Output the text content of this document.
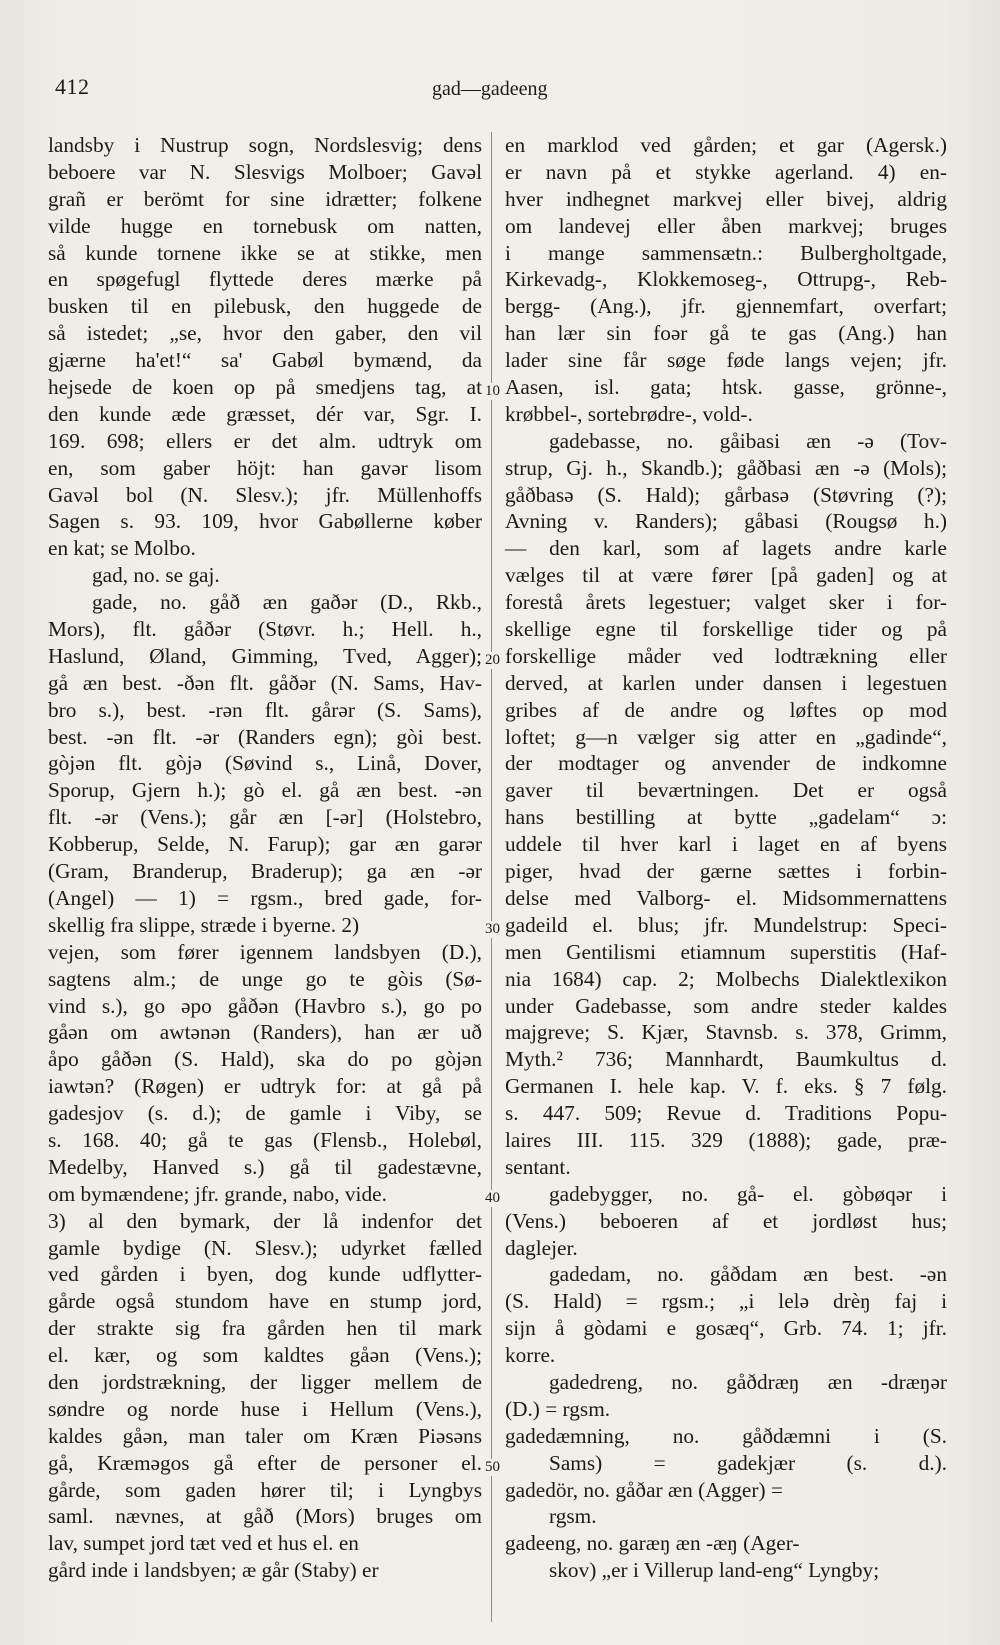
412	gad—gadeeng
landsby i Nustrup sogn, Nordslesvig; dens
beboere var N. Slesvigs Molboer; Gavəl
grañ er berömt for sine idrætter; folkene
vilde hugge en tornebusk om natten,
så kunde tornene ikke se at stikke, men
en spøgefugl flyttede deres mærke på
busken til en pilebusk, den huggede de
så istedet; „se, hvor den gaber, den vil
gjærne ha'et!“ sa' Gabøl bymænd, da
hejsede de koen op på smedjens tag, at
den kunde æde græsset, dér var, Sgr. I.
169. 698; ellers er det alm. udtryk om
en, som gaber höjt: han gavər lisom
Gavəl bol (N. Slesv.); jfr. Müllenhoffs
Sagen s. 93. 109, hvor Gabøllerne køber
en kat; se Molbo.
gad, no. se gaj.
gade, no. gåð æn gaðər (D., Rkb.,
Mors), flt. gåðər (Støvr. h.; Hell. h.,
Haslund, Øland, Gimming, Tved, Agger);
gå æn best. -ðən flt. gåðər (N. Sams, Hav-
bro s.), best. -rən flt. gårər (S. Sams),
best. -ən flt. -ər (Randers egn); gòi best.
gòjən flt. gòjə (Søvind s., Linå, Dover,
Sporup, Gjern h.); gò el. gå æn best. -ən
flt. -ər (Vens.); går æn [-ər] (Holstebro,
Kobberup, Selde, N. Farup); gar æn garər
(Gram, Branderup, Braderup); ga æn -ər
(Angel) — 1) = rgsm., bred gade, for-
skellig fra slippe, stræde i byerne. 2)
vejen, som fører igennem landsbyen (D.),
sagtens alm.; de unge go te gòis (Sø-
vind s.), go əpo gåðən (Havbro s.), go po
gåən om awtənən (Randers), han ær uð
åpo gåðən (S. Hald), ska do po gòjən
iawtən? (Røgen) er udtryk for: at gå på
gadesjov (s. d.); de gamle i Viby, se
s. 168. 40; gå te gas (Flensb., Holebøl,
Medelby, Hanved s.) gå til gadestævne,
om bymændene; jfr. grande, nabo, vide.
3) al den bymark, der lå indenfor det
gamle bydige (N. Slesv.); udyrket fælled
ved gården i byen, dog kunde udflytter-
gårde også stundom have en stump jord,
der strakte sig fra gården hen til mark
el. kær, og som kaldtes gåən (Vens.);
den jordstrækning, der ligger mellem de
søndre og norde huse i Hellum (Vens.),
kaldes gåən, man taler om Kræn Piəsəns
gå, Kræməgos gå efter de personer el.
gårde, som gaden hører til; i Lyngbys
saml. nævnes, at gåð (Mors) bruges om
lav, sumpet jord tæt ved et hus el. en
gård inde i landsbyen; æ går (Staby) er
en marklod ved gården; et gar (Agersk.)
er navn på et stykke agerland. 4) en-
hver indhegnet markvej eller bivej, aldrig
om landevej eller åben markvej; bruges
i mange sammensætn.: Bulbergholtgade,
Kirkevadg-, Klokkemoseg-, Ottrupg-, Reb-
bergg- (Ang.), jfr. gjennemfart, overfart;
han lær sin foər gå te gas (Ang.) han
lader sine får søge føde langs vejen; jfr.
Aasen, isl. gata; htsk. gasse, grönne-,
krøbbel-, sortebrødre-, vold-.
gadebasse, no. gåibasi æn -ə (Tov-
strup, Gj. h., Skandb.); gåðbasi æn -ə (Mols);
gåðbasə (S. Hald); gårbasə (Støvring (?);
Avning v. Randers); gåbasi (Rougsø h.)
— den karl, som af lagets andre karle
vælges til at være fører [på gaden] og at
forestå årets legestuer; valget sker i for-
skellige egne til forskellige tider og på
forskellige måder ved lodtrækning eller
derved, at karlen under dansen i legestuen
gribes af de andre og løftes op mod
loftet; g—n vælger sig atter en „gadinde“,
der modtager og anvender de indkomne
gaver til beværtningen. Det er også
hans bestilling at bytte „gadelam“ ɔ:
uddele til hver karl i laget en af byens
piger, hvad der gærne sættes i forbin-
delse med Valborg- el. Midsommernattens
gadeild el. blus; jfr. Mundelstrup: Speci-
men Gentilismi etiamnum superstitis (Haf-
nia 1684) cap. 2; Molbechs Dialektlexikon
under Gadebasse, som andre steder kaldes
majgreve; S. Kjær, Stavnsb. s. 378, Grimm,
Myth.² 736; Mannhardt, Baumkultus d.
Germanen I. hele kap. V. f. eks. § 7 følg.
s. 447. 509; Revue d. Traditions Popu-
laires III. 115. 329 (1888); gade, præ-
sentant.
gadebygger, no. gå- el. gòbøqər i
(Vens.) beboeren af et jordløst hus;
daglejer.
gadedam, no. gåðdam æn best. -ən
(S. Hald) = rgsm.; „i lelə drèŋ faj i
sijn å gòdami e gosæq“, Grb. 74. 1; jfr.
korre.
gadedreng, no. gåðdræŋ æn -dræŋər
(D.) = rgsm.
gadedæmning, no. gåðdæmni i (S.
Sams) = gadekjær (s. d.).
gadedör, no. gåðar æn (Agger) =
rgsm.
gadeeng, no. garæŋ æn -æŋ (Ager-
skov) „er i Villerup land-eng“ Lyngby;
10
20
30
40
50
